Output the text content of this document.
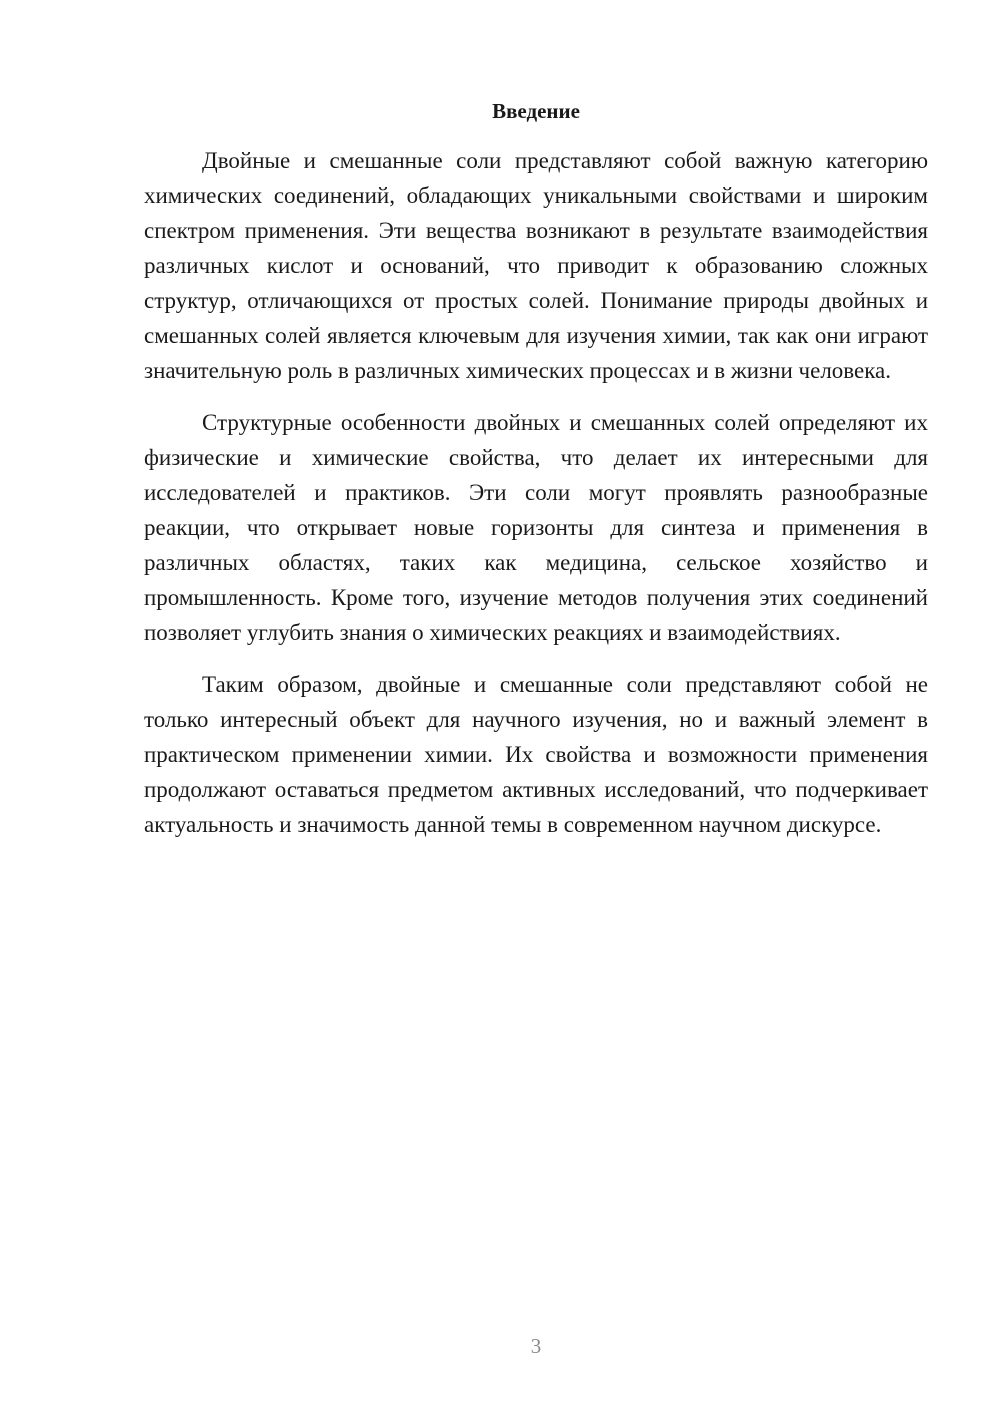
Введение

Двойные и смешанные соли представляют собой важную категорию химических соединений, обладающих уникальными свойствами и широким спектром применения. Эти вещества возникают в результате взаимодействия различных кислот и оснований, что приводит к образованию сложных структур, отличающихся от простых солей. Понимание природы двойных и смешанных солей является ключевым для изучения химии, так как они играют значительную роль в различных химических процессах и в жизни человека.

Структурные особенности двойных и смешанных солей определяют их физические и химические свойства, что делает их интересными для исследователей и практиков. Эти соли могут проявлять разнообразные реакции, что открывает новые горизонты для синтеза и применения в различных областях, таких как медицина, сельское хозяйство и промышленность. Кроме того, изучение методов получения этих соединений позволяет углубить знания о химических реакциях и взаимодействиях.

Таким образом, двойные и смешанные соли представляют собой не только интересный объект для научного изучения, но и важный элемент в практическом применении химии. Их свойства и возможности применения продолжают оставаться предметом активных исследований, что подчеркивает актуальность и значимость данной темы в современном научном дискурсе.

3
